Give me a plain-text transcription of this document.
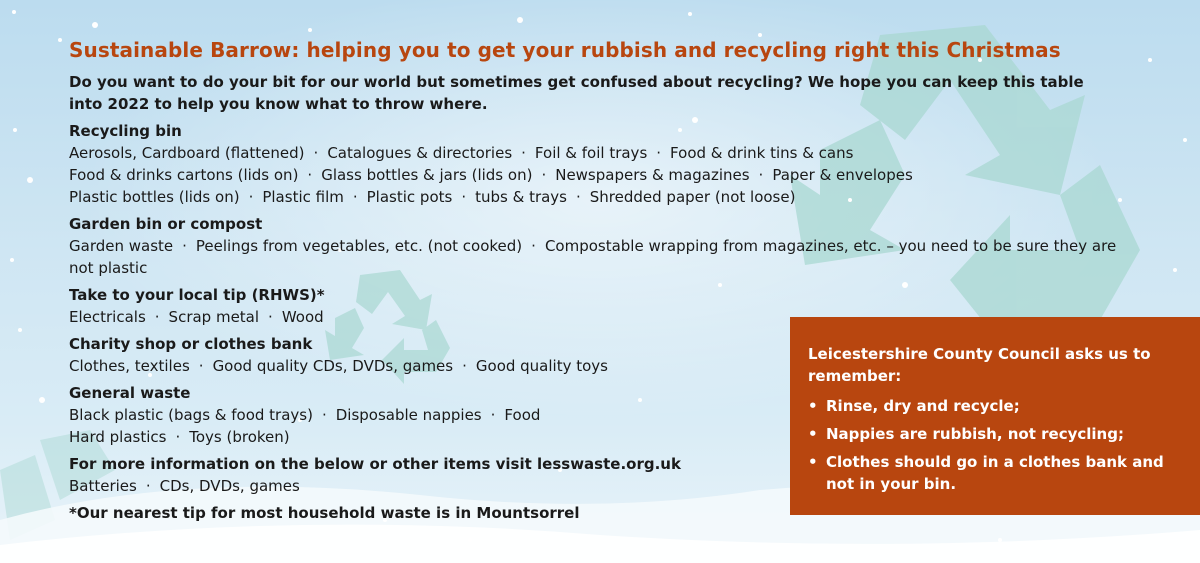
Sustainable Barrow: helping you to get your rubbish and recycling right this Christmas

Do you want to do your bit for our world but sometimes get confused about recycling? We hope you can keep this table into 2022 to help you know what to throw where.

Recycling bin
Aerosols, Cardboard (flattened) · Catalogues & directories · Foil & foil trays · Food & drink tins & cans
Food & drinks cartons (lids on) · Glass bottles & jars (lids on) · Newspapers & magazines · Paper & envelopes
Plastic bottles (lids on) · Plastic film · Plastic pots · tubs & trays · Shredded paper (not loose)
Garden bin or compost
Garden waste · Peelings from vegetables, etc. (not cooked) · Compostable wrapping from magazines, etc. – you need to be sure they are not plastic
Take to your local tip (RHWS)*
Electricals · Scrap metal · Wood
Charity shop or clothes bank
Clothes, textiles · Good quality CDs, DVDs, games · Good quality toys
General waste
Black plastic (bags & food trays) · Disposable nappies · Food
Hard plastics · Toys (broken)
For more information on the below or other items visit lesswaste.org.uk
Batteries · CDs, DVDs, games
*Our nearest tip for most household waste is in Mountsorrel
Leicestershire County Council asks us to remember:
• Rinse, dry and recycle;
• Nappies are rubbish, not recycling;
• Clothes should go in a clothes bank and not in your bin.
